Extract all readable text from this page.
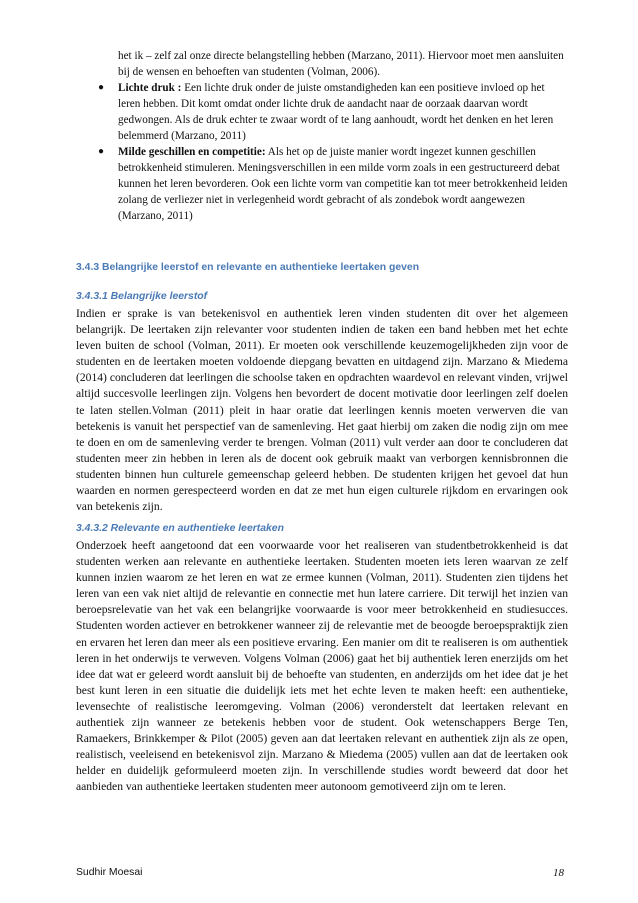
het ik – zelf zal onze directe belangstelling hebben (Marzano, 2011). Hiervoor moet men aansluiten bij de wensen en behoeften van studenten (Volman, 2006).
● Lichte druk : Een lichte druk onder de juiste omstandigheden kan een positieve invloed op het leren hebben. Dit komt omdat onder lichte druk de aandacht naar de oorzaak daarvan wordt gedwongen. Als de druk echter te zwaar wordt of te lang aanhoudt, wordt het denken en het leren belemmerd (Marzano, 2011)
● Milde geschillen en competitie: Als het op de juiste manier wordt ingezet kunnen geschillen betrokkenheid stimuleren. Meningsverschillen in een milde vorm zoals in een gestructureerd debat kunnen het leren bevorderen. Ook een lichte vorm van competitie kan tot meer betrokkenheid leiden zolang de verliezer niet in verlegenheid wordt gebracht of als zondebok wordt aangewezen (Marzano, 2011)
3.4.3 Belangrijke leerstof en relevante en authentieke leertaken geven
3.4.3.1 Belangrijke leerstof
Indien er sprake is van betekenisvol en authentiek leren vinden studenten dit over het algemeen belangrijk. De leertaken zijn relevanter voor studenten indien de taken een band hebben met het echte leven buiten de school (Volman, 2011). Er moeten ook verschillende keuzemogelijkheden zijn voor de studenten en de leertaken moeten voldoende diepgang bevatten en uitdagend zijn. Marzano & Miedema (2014) concluderen dat leerlingen die schoolse taken en opdrachten waardevol en relevant vinden, vrijwel altijd succesvolle leerlingen zijn. Volgens hen bevordert de docent motivatie door leerlingen zelf doelen te laten stellen.Volman (2011) pleit in haar oratie dat leerlingen kennis moeten verwerven die van betekenis is vanuit het perspectief van de samenleving. Het gaat hierbij om zaken die nodig zijn om mee te doen en om de samenleving verder te brengen. Volman (2011) vult verder aan door te concluderen dat studenten meer zin hebben in leren als de docent ook gebruik maakt van verborgen kennisbronnen die studenten binnen hun culturele gemeenschap geleerd hebben. De studenten krijgen het gevoel dat hun waarden en normen gerespecteerd worden en dat ze met hun eigen culturele rijkdom en ervaringen ook van betekenis zijn.
3.4.3.2 Relevante en authentieke leertaken
Onderzoek heeft aangetoond dat een voorwaarde voor het realiseren van studentbetrokkenheid is dat studenten werken aan relevante en authentieke leertaken. Studenten moeten iets leren waarvan ze zelf kunnen inzien waarom ze het leren en wat ze ermee kunnen (Volman, 2011). Studenten zien tijdens het leren van een vak niet altijd de relevantie en connectie met hun latere carriere. Dit terwijl het inzien van beroepsrelevatie van het vak een belangrijke voorwaarde is voor meer betrokkenheid en studiesucces. Studenten worden actiever en betrokkener wanneer zij de relevantie met de beoogde beroepspraktijk zien en ervaren het leren dan meer als een positieve ervaring. Een manier om dit te realiseren is om authentiek leren in het onderwijs te verweven. Volgens Volman (2006) gaat het bij authentiek leren enerzijds om het idee dat wat er geleerd wordt aansluit bij de behoefte van studenten, en anderzijds om het idee dat je het best kunt leren in een situatie die duidelijk iets met het echte leven te maken heeft: een authentieke, levensechte of realistische leeromgeving. Volman (2006) veronderstelt dat leertaken relevant en authentiek zijn wanneer ze betekenis hebben voor de student. Ook wetenschappers Berge Ten, Ramaekers, Brinkkemper & Pilot (2005) geven aan dat leertaken relevant en authentiek zijn als ze open, realistisch, veeleisend en betekenisvol zijn. Marzano & Miedema (2005) vullen aan dat de leertaken ook helder en duidelijk geformuleerd moeten zijn. In verschillende studies wordt beweerd dat door het aanbieden van authentieke leertaken studenten meer autonoom gemotiveerd zijn om te leren.
Sudhir Moesai	18
